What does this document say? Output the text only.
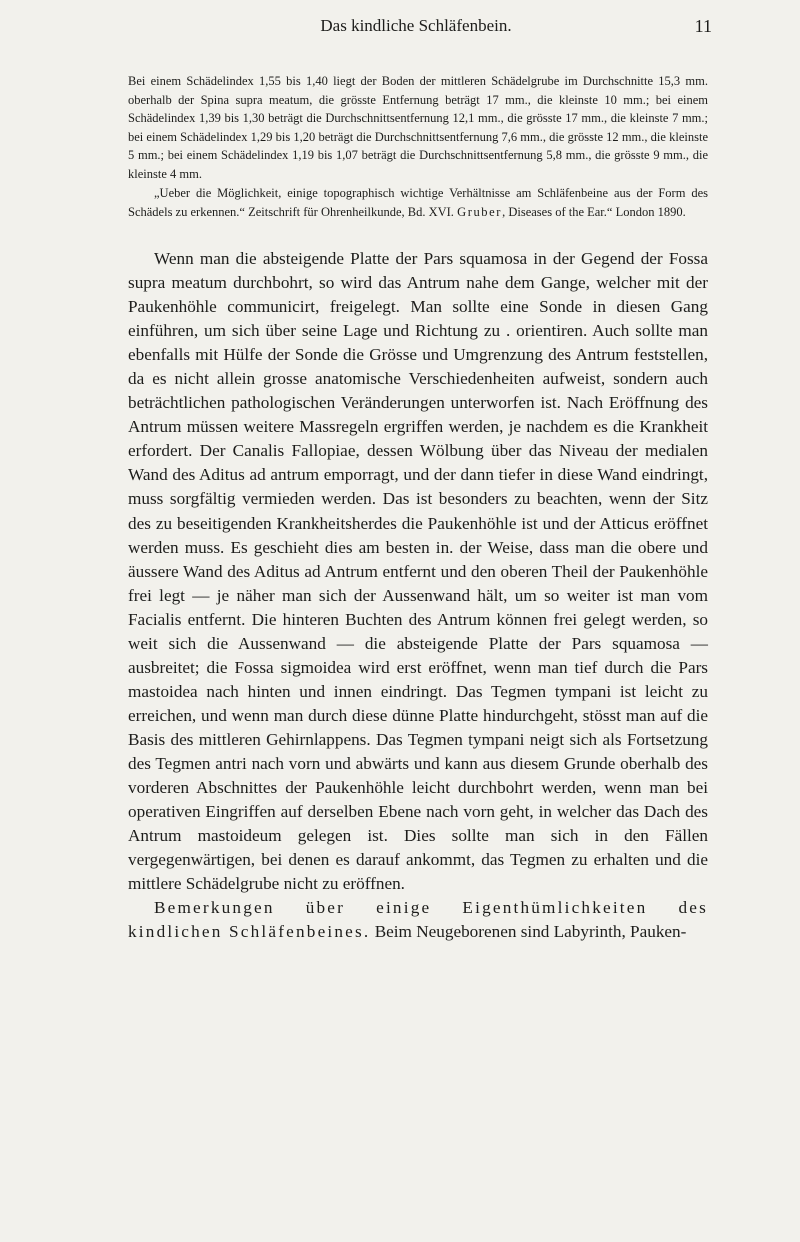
Das kindliche Schläfenbein.	11

Bei einem Schädelindex 1,55 bis 1,40 liegt der Boden der mittleren Schädelgrube im Durchschnitte 15,3 mm. oberhalb der Spina supra meatum, die grösste Entfernung beträgt 17 mm., die kleinste 10 mm.; bei einem Schädelindex 1,39 bis 1,30 beträgt die Durchschnittsentfernung 12,1 mm., die grösste 17 mm., die kleinste 7 mm.; bei einem Schädelindex 1,29 bis 1,20 beträgt die Durchschnittsentfernung 7,6 mm., die grösste 12 mm., die kleinste 5 mm.; bei einem Schädelindex 1,19 bis 1,07 beträgt die Durchschnittsentfernung 5,8 mm., die grösste 9 mm., die kleinste 4 mm.

„Ueber die Möglichkeit, einige topographisch wichtige Verhältnisse am Schläfenbeine aus der Form des Schädels zu erkennen.“ Zeitschrift für Ohrenheilkunde, Bd. XVI. Gruber, Diseases of the Ear.“ London 1890.

Wenn man die absteigende Platte der Pars squamosa in der Gegend der Fossa supra meatum durchbohrt, so wird das Antrum nahe dem Gange, welcher mit der Paukenhöhle communicirt, freigelegt. Man sollte eine Sonde in diesen Gang einführen, um sich über seine Lage und Richtung zu . orientiren. Auch sollte man ebenfalls mit Hülfe der Sonde die Grösse und Umgrenzung des Antrum feststellen, da es nicht allein grosse anatomische Verschiedenheiten aufweist, sondern auch beträchtlichen pathologischen Veränderungen unterworfen ist. Nach Eröffnung des Antrum müssen weitere Massregeln ergriffen werden, je nachdem es die Krankheit erfordert. Der Canalis Fallopiae, dessen Wölbung über das Niveau der medialen Wand des Aditus ad antrum emporragt, und der dann tiefer in diese Wand eindringt, muss sorgfältig vermieden werden. Das ist besonders zu beachten, wenn der Sitz des zu beseitigenden Krankheitsherdes die Paukenhöhle ist und der Atticus eröffnet werden muss. Es geschieht dies am besten in. der Weise, dass man die obere und äussere Wand des Aditus ad Antrum entfernt und den oberen Theil der Paukenhöhle frei legt — je näher man sich der Aussenwand hält, um so weiter ist man vom Facialis entfernt. Die hinteren Buchten des Antrum können frei gelegt werden, so weit sich die Aussenwand — die absteigende Platte der Pars squamosa — ausbreitet; die Fossa sigmoidea wird erst eröffnet, wenn man tief durch die Pars mastoidea nach hinten und innen eindringt. Das Tegmen tympani ist leicht zu erreichen, und wenn man durch diese dünne Platte hindurchgeht, stösst man auf die Basis des mittleren Gehirnlappens. Das Tegmen tympani neigt sich als Fortsetzung des Tegmen antri nach vorn und abwärts und kann aus diesem Grunde oberhalb des vorderen Abschnittes der Paukenhöhle leicht durchbohrt werden, wenn man bei operativen Eingriffen auf derselben Ebene nach vorn geht, in welcher das Dach des Antrum mastoideum gelegen ist. Dies sollte man sich in den Fällen vergegenwärtigen, bei denen es darauf ankommt, das Tegmen zu erhalten und die mittlere Schädelgrube nicht zu eröffnen.

Bemerkungen über einige Eigenthümlichkeiten des kindlichen Schläfenbeines. Beim Neugeborenen sind Labyrinth, Pauken-
